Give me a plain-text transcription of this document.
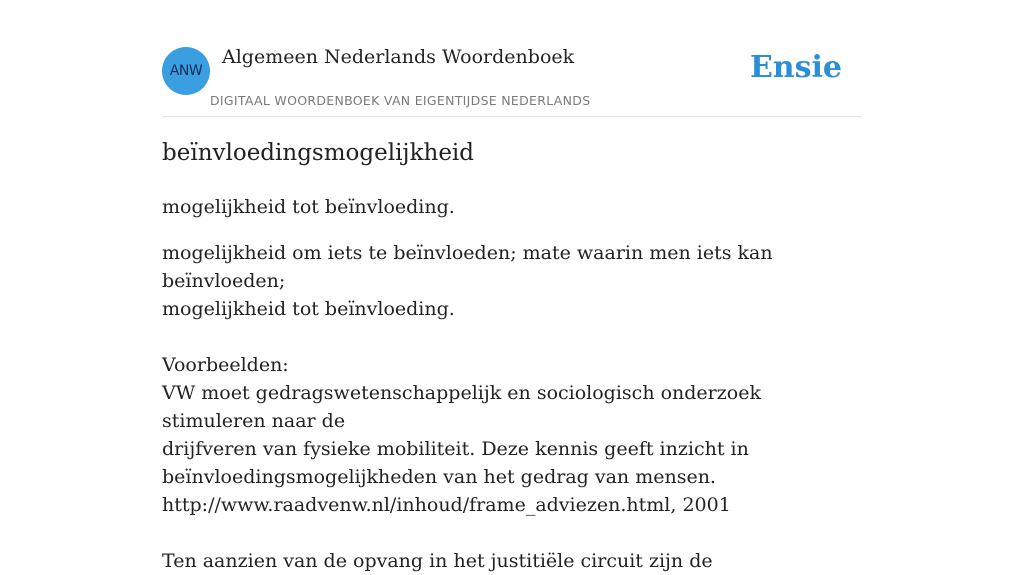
ANW
Algemeen Nederlands Woordenboek
DIGITAAL WOORDENBOEK VAN EIGENTIJDSE NEDERLANDS
Ensie
beïnvloedingsmogelijkheid
mogelijkheid tot beïnvloeding.

mogelijkheid om iets te beïnvloeden; mate waarin men iets kan beïnvloeden;

mogelijkheid tot beïnvloeding.

Voorbeelden:

VW moet gedragswetenschappelijk en sociologisch onderzoek stimuleren naar de

drijfveren van fysieke mobiliteit. Deze kennis geeft inzicht in

beïnvloedingsmogelijkheden van het gedrag van mensen.

http://www.raadvenw.nl/inhoud/frame_adviezen.html, 2001

Ten aanzien van de opvang in het justitiële circuit zijn de
